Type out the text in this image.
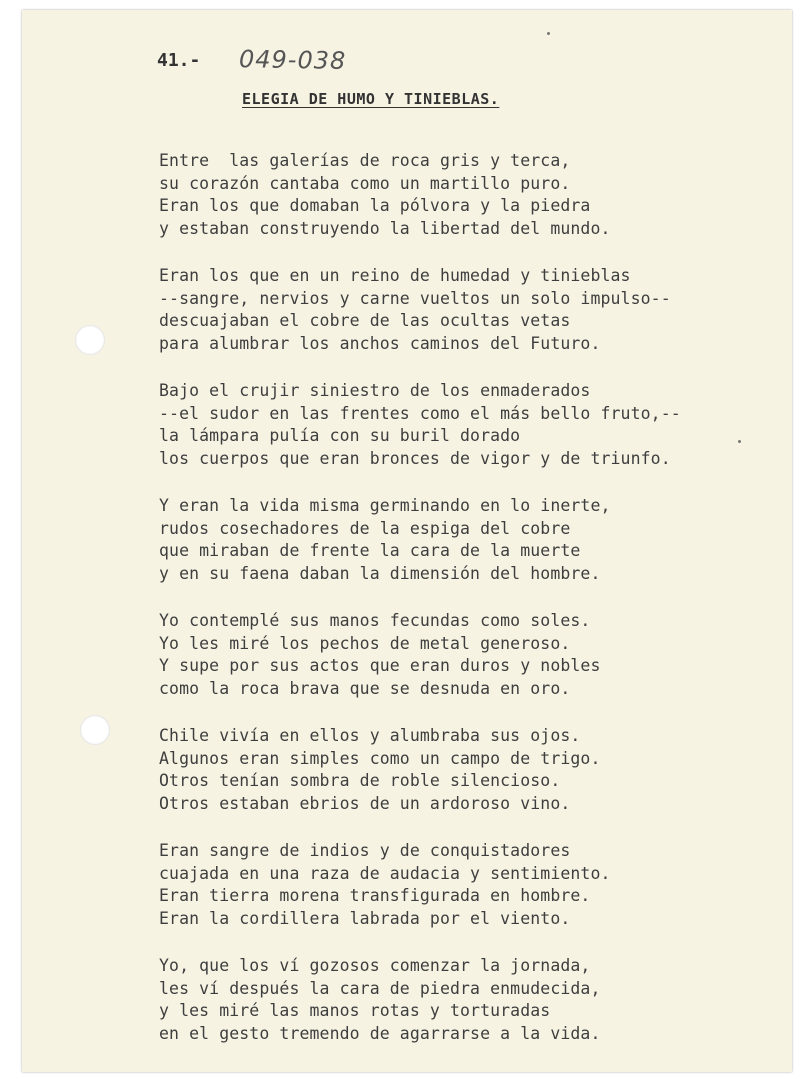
41.- 049-038
ELEGIA DE HUMO Y TINIEBLAS.
Entre  las galerías de roca gris y terca,
su corazón cantaba como un martillo puro.
Eran los que domaban la pólvora y la piedra
y estaban construyendo la libertad del mundo.
Eran los que en un reino de humedad y tinieblas
--sangre, nervios y carne vueltos un solo impulso--
descuajaban el cobre de las ocultas vetas
para alumbrar los anchos caminos del Futuro.
Bajo el crujir siniestro de los enmaderados
--el sudor en las frentes como el más bello fruto,--
la lámpara pulía con su buril dorado
los cuerpos que eran bronces de vigor y de triunfo.
Y eran la vida misma germinando en lo inerte,
rudos cosechadores de la espiga del cobre
que miraban de frente la cara de la muerte
y en su faena daban la dimensión del hombre.
Yo contemplé sus manos fecundas como soles.
Yo les miré los pechos de metal generoso.
Y supe por sus actos que eran duros y nobles
como la roca brava que se desnuda en oro.
Chile vivía en ellos y alumbraba sus ojos.
Algunos eran simples como un campo de trigo.
Otros tenían sombra de roble silencioso.
Otros estaban ebrios de un ardoroso vino.
Eran sangre de indios y de conquistadores
cuajada en una raza de audacia y sentimiento.
Eran tierra morena transfigurada en hombre.
Eran la cordillera labrada por el viento.
Yo, que los ví gozosos comenzar la jornada,
les ví después la cara de piedra enmudecida,
y les miré las manos rotas y torturadas
en el gesto tremendo de agarrarse a la vida.
